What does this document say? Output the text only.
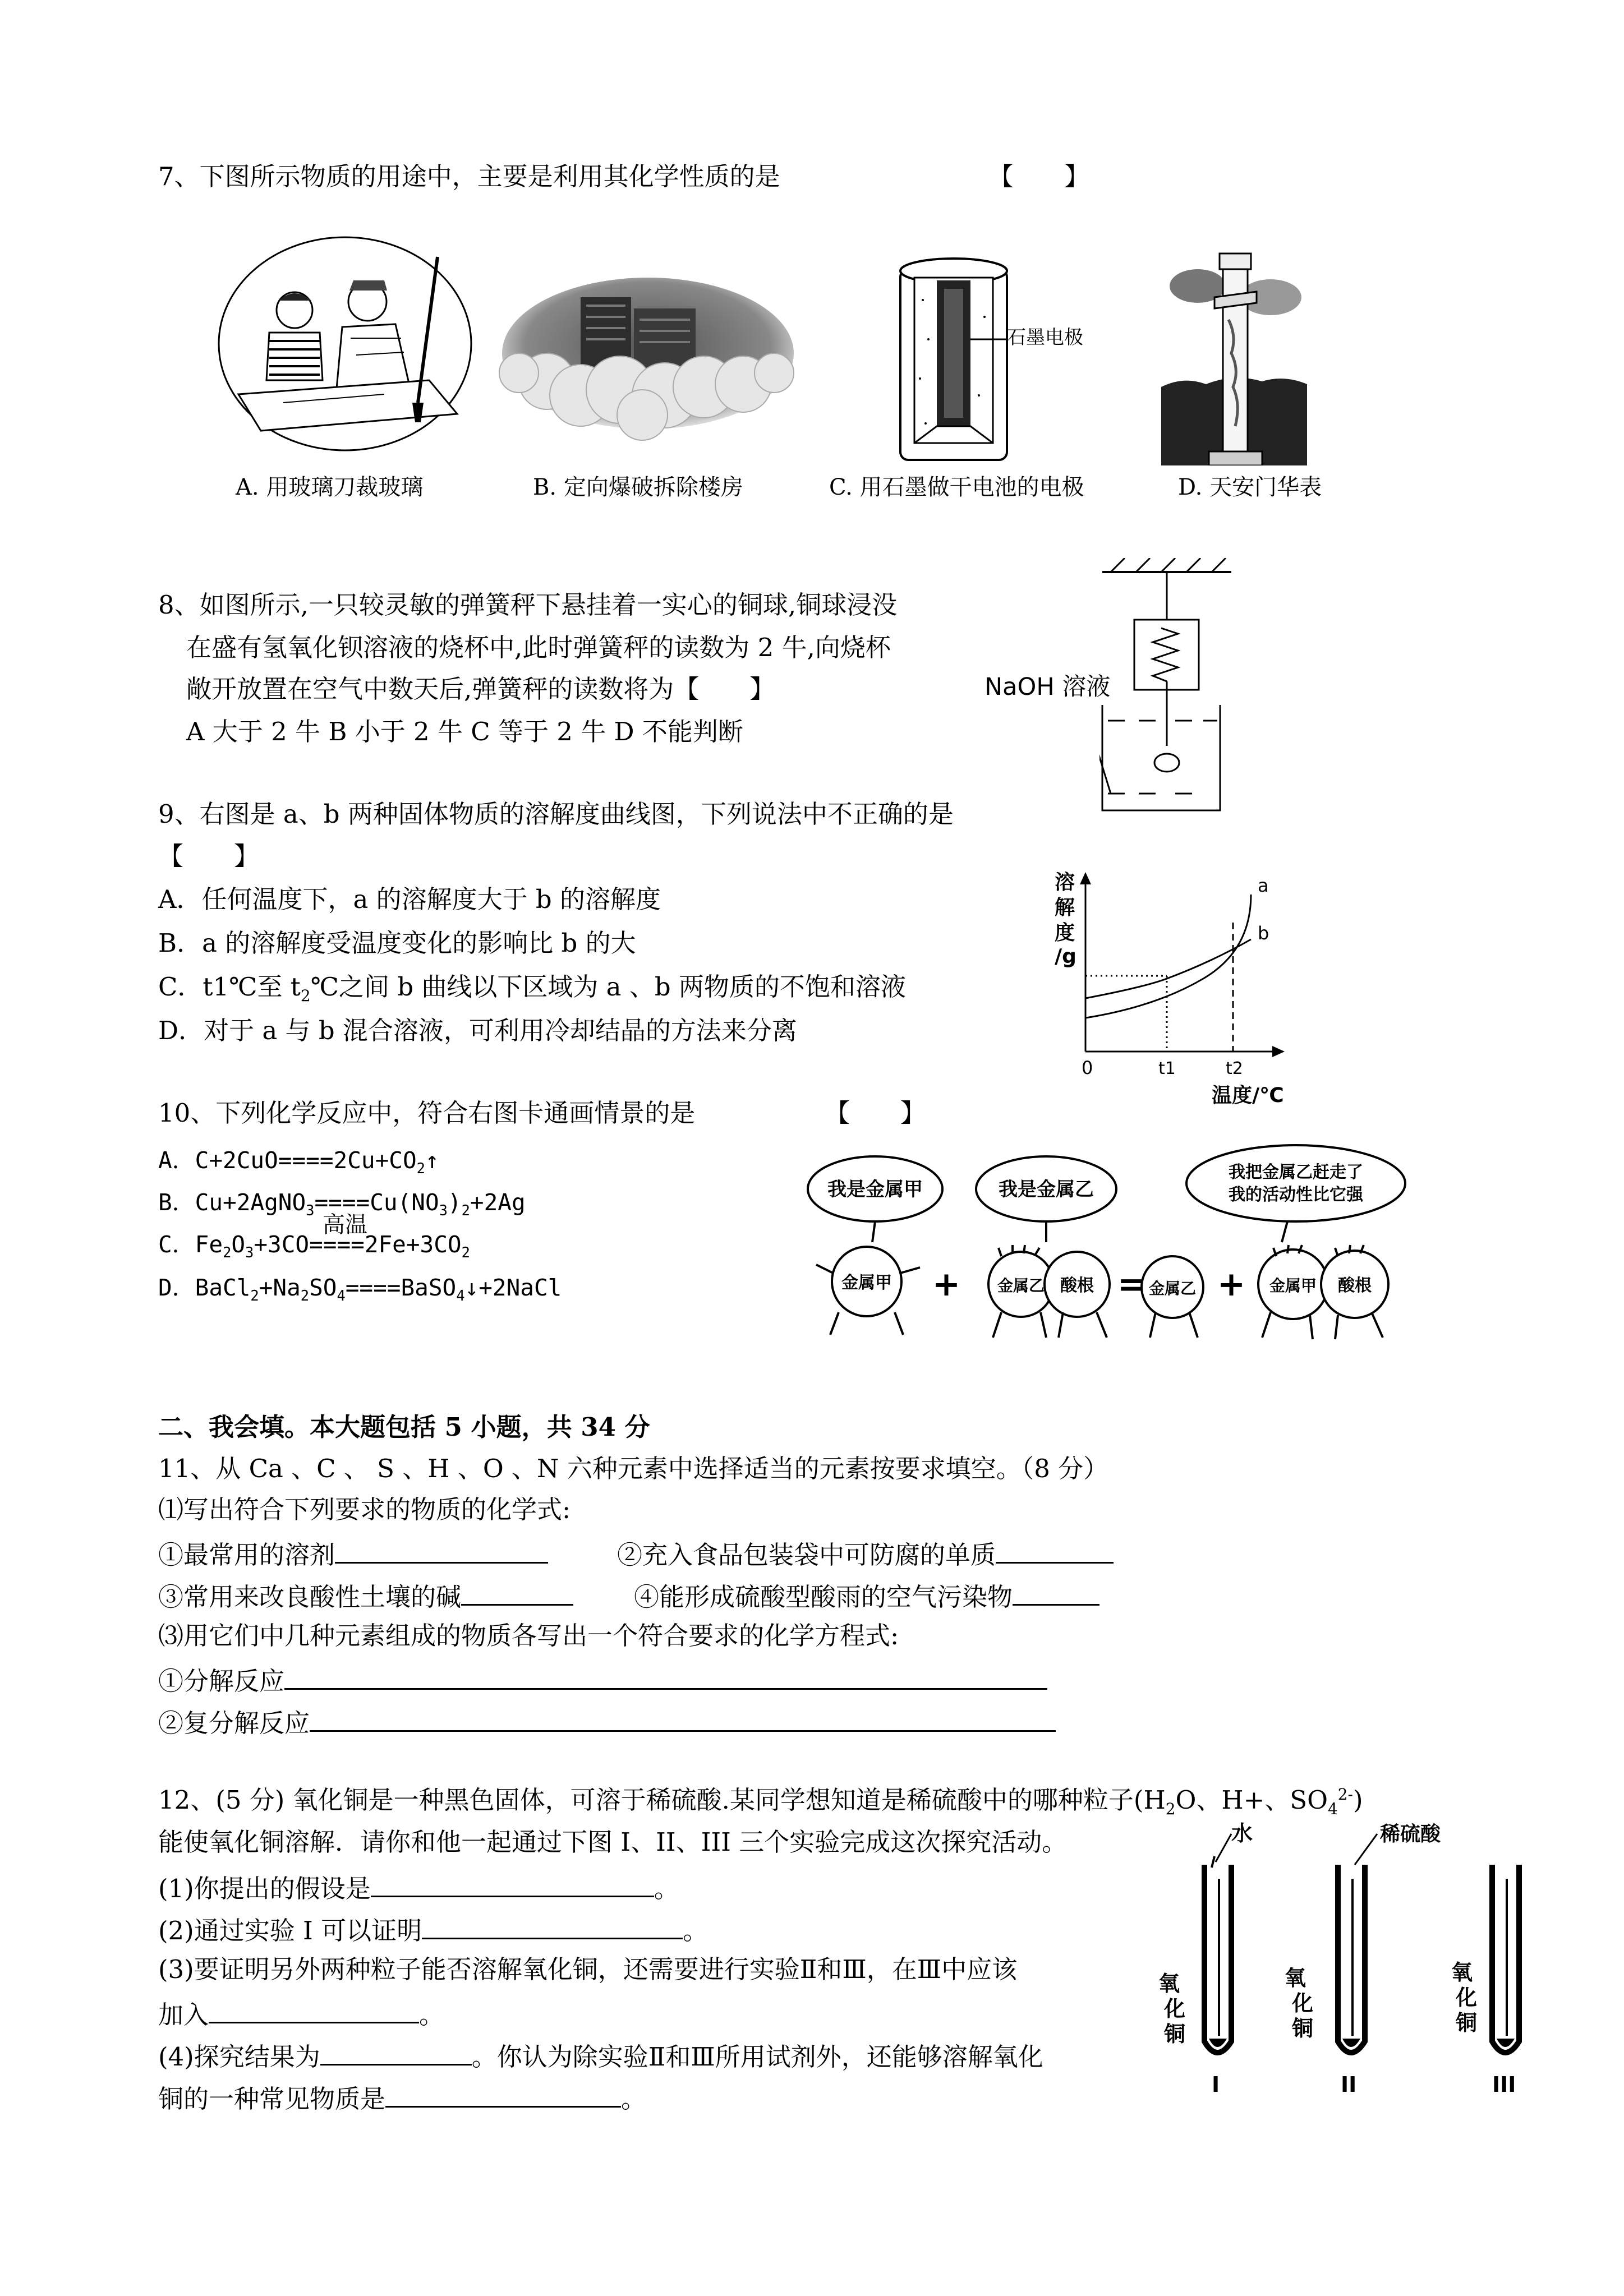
7、下图所示物质的用途中，主要是利用其化学性质的是	【　　】
A. 用玻璃刀裁玻璃	B. 定向爆破拆除楼房
石墨电极
C. 用石墨做干电池的电极	D. 天安门华表
8、如图所示,一只较灵敏的弹簧秤下悬挂着一实心的铜球,铜球浸没
在盛有氢氧化钡溶液的烧杯中,此时弹簧秤的读数为 2 牛,向烧杯
敞开放置在空气中数天后,弹簧秤的读数将为【　　】
A 大于 2 牛 B 小于 2 牛 C 等于 2 牛 D 不能判断
NaOH 溶液
9、右图是 a、b 两种固体物质的溶解度曲线图，下列说法中不正确的是
【　　】
A．任何温度下，a 的溶解度大于 b 的溶解度
B．a 的溶解度受温度变化的影响比 b 的大
C．t1℃至 $t_2℃$之间 b 曲线以下区域为 a 、b 两物质的不饱和溶液
D．对于 a 与 b 混合溶液，可利用冷却结晶的方法来分离
溶
解
度
/g
a
b
0	t1	t2
温度/℃
10、下列化学反应中，符合右图卡通画情景的是	【　　】
A．$C+2CuO====2Cu+CO_2↑$
B．$Cu+2AgNO_3====Cu(NO_3)_2+2Ag$
高温
C．$Fe_2O_3+3CO====2Fe+3CO_2$
D．$BaCl_2+Na_2SO_4====BaSO_4↓+2NaCl$
我是金属甲	我是金属乙
我把金属乙赶走了
我的活动性比它强
金属甲	金属乙 酸根	金属乙	金属甲 酸根
+	= +
二、我会填。本大题包括 5 小题，共 34 分
11、从 Ca 、C 、 S 、H 、O 、N 六种元素中选择适当的元素按要求填空。（8 分）
⑴写出符合下列要求的物质的化学式:
①最常用的溶剂	②充入食品包装袋中可防腐的单质
③常用来改良酸性土壤的碱	④能形成硫酸型酸雨的空气污染物
⑶用它们中几种元素组成的物质各写出一个符合要求的化学方程式:
①分解反应
②复分解反应
12、(5 分) 氧化铜是一种黑色固体，可溶于稀硫酸.某同学想知道是稀硫酸中的哪种粒子($H_2O$、H+、$SO_4^{2-}$)
能使氧化铜溶解．请你和他一起通过下图 I、II、III 三个实验完成这次探究活动。
(1)你提出的假设是	。
(2)通过实验 I 可以证明	。
(3)要证明另外两种粒子能否溶解氧化铜，还需要进行实验Ⅱ和Ⅲ，在Ⅲ中应该
加入	。
(4)探究结果为	。你认为除实验Ⅱ和Ⅲ所用试剂外，还能够溶解氧化
铜的一种常见物质是	。
水	稀硫酸
氧
化
铜
I
氧
化
铜
II
氧
化
铜
III
